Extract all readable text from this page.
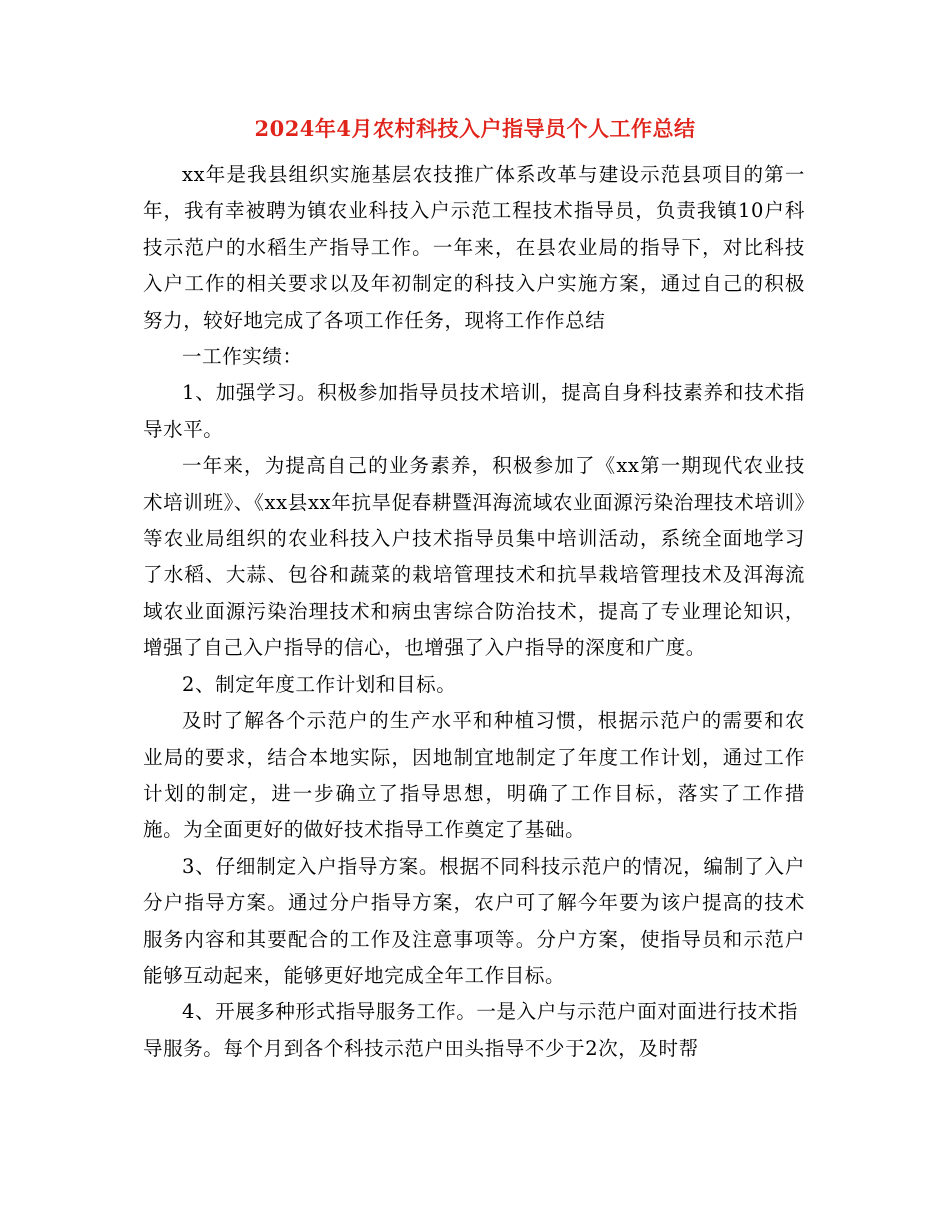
2024年4月农村科技入户指导员个人工作总结

xx年是我县组织实施基层农技推广体系改革与建设示范县项目的第一年，我有幸被聘为镇农业科技入户示范工程技术指导员，负责我镇10户科技示范户的水稻生产指导工作。一年来，在县农业局的指导下，对比科技入户工作的相关要求以及年初制定的科技入户实施方案，通过自己的积极努力，较好地完成了各项工作任务，现将工作作总结

一工作实绩：

1、加强学习。积极参加指导员技术培训，提高自身科技素养和技术指导水平。

一年来，为提高自己的业务素养，积极参加了《xx第一期现代农业技术培训班》、《xx县xx年抗旱促春耕暨洱海流域农业面源污染治理技术培训》等农业局组织的农业科技入户技术指导员集中培训活动，系统全面地学习了水稻、大蒜、包谷和蔬菜的栽培管理技术和抗旱栽培管理技术及洱海流域农业面源污染治理技术和病虫害综合防治技术，提高了专业理论知识，增强了自己入户指导的信心，也增强了入户指导的深度和广度。

2、制定年度工作计划和目标。

及时了解各个示范户的生产水平和种植习惯，根据示范户的需要和农业局的要求，结合本地实际，因地制宜地制定了年度工作计划，通过工作计划的制定，进一步确立了指导思想，明确了工作目标，落实了工作措施。为全面更好的做好技术指导工作奠定了基础。

3、仔细制定入户指导方案。根据不同科技示范户的情况，编制了入户分户指导方案。通过分户指导方案，农户可了解今年要为该户提高的技术服务内容和其要配合的工作及注意事项等。分户方案，使指导员和示范户能够互动起来，能够更好地完成全年工作目标。

4、开展多种形式指导服务工作。一是入户与示范户面对面进行技术指导服务。每个月到各个科技示范户田头指导不少于2次，及时帮
